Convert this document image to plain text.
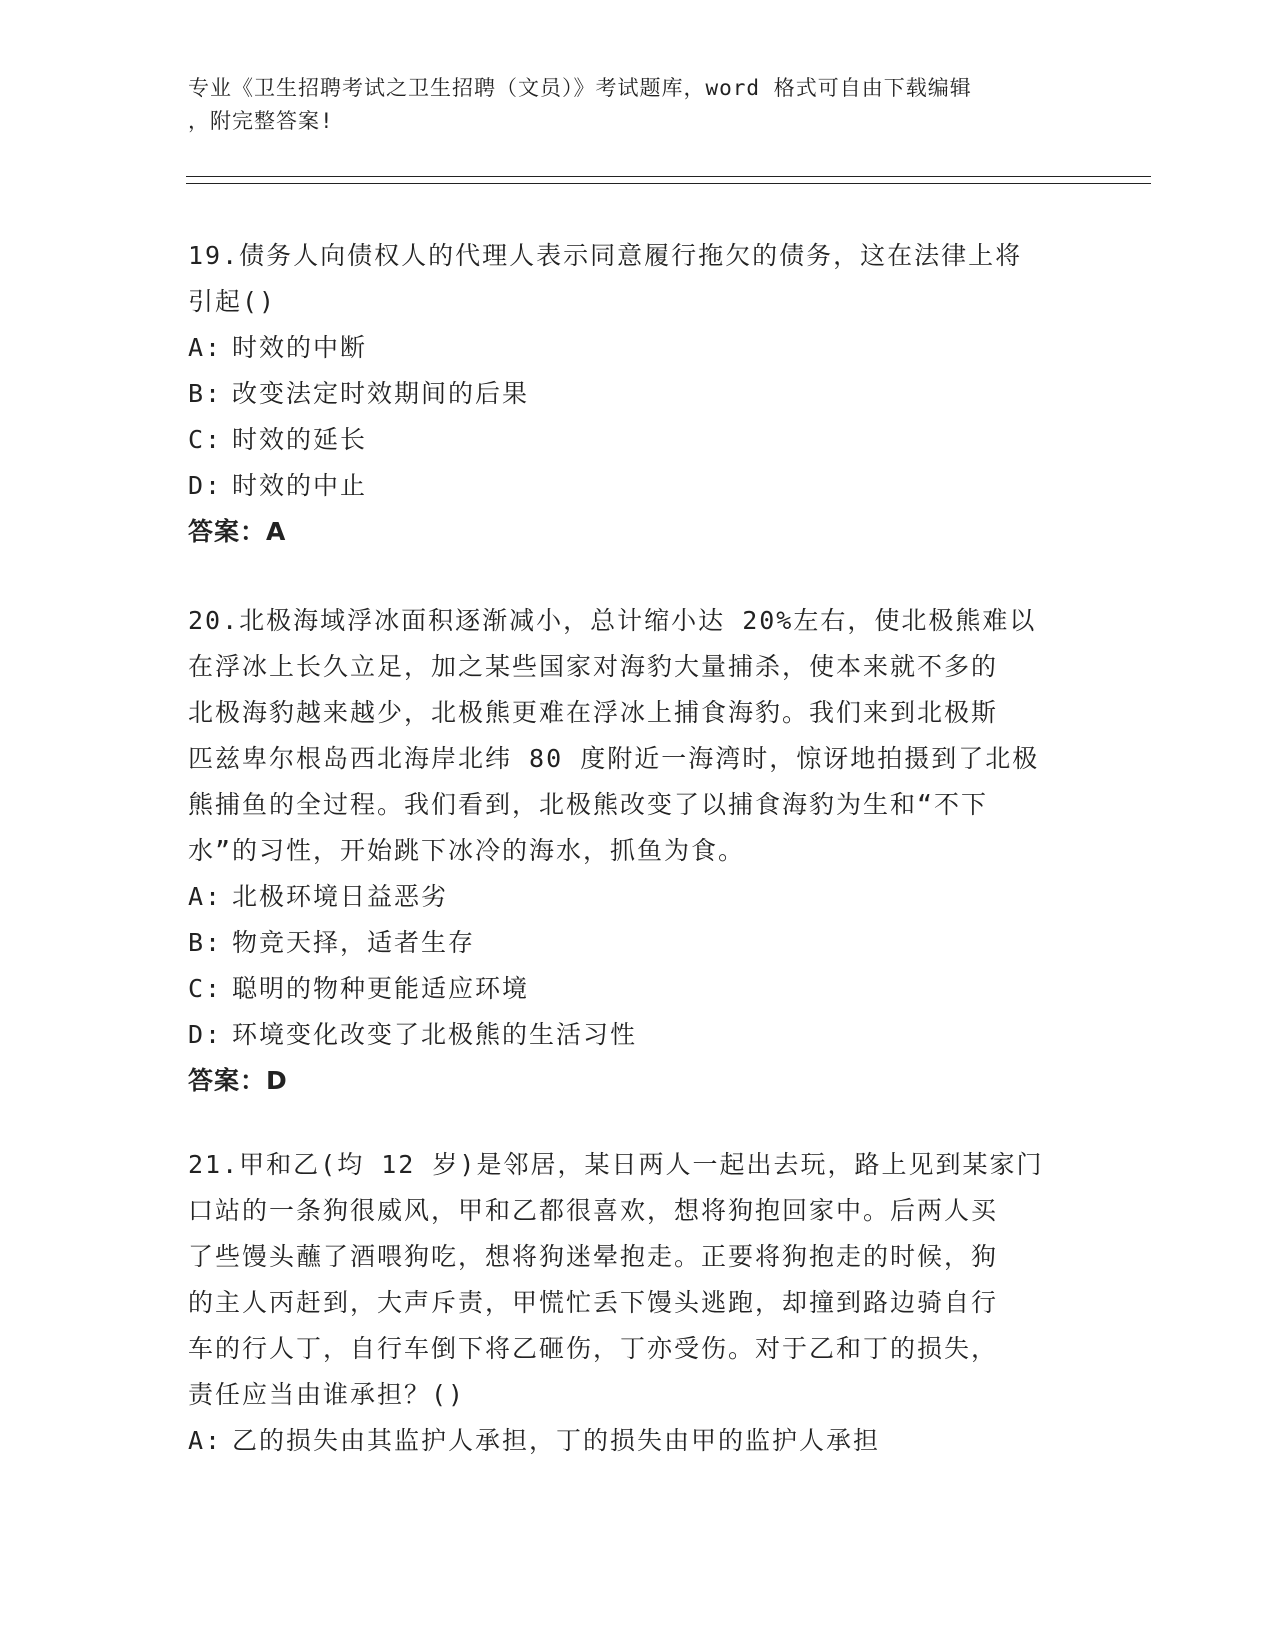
专业《卫生招聘考试之卫生招聘（文员）》考试题库，word 格式可自由下载编辑
，附完整答案!

19.债务人向债权人的代理人表示同意履行拖欠的债务，这在法律上将

引起()

A: 时效的中断

B: 改变法定时效期间的后果

C: 时效的延长

D: 时效的中止

答案：A

20.北极海域浮冰面积逐渐减小，总计缩小达 20%左右，使北极熊难以

在浮冰上长久立足，加之某些国家对海豹大量捕杀，使本来就不多的

北极海豹越来越少，北极熊更难在浮冰上捕食海豹。我们来到北极斯

匹兹卑尔根岛西北海岸北纬 80 度附近一海湾时，惊讶地拍摄到了北极

熊捕鱼的全过程。我们看到，北极熊改变了以捕食海豹为生和“不下

水”的习性，开始跳下冰冷的海水，抓鱼为食。

A: 北极环境日益恶劣

B: 物竞天择，适者生存

C: 聪明的物种更能适应环境

D: 环境变化改变了北极熊的生活习性

答案：D

21.甲和乙(均 12 岁)是邻居，某日两人一起出去玩，路上见到某家门

口站的一条狗很威风，甲和乙都很喜欢，想将狗抱回家中。后两人买

了些馒头蘸了酒喂狗吃，想将狗迷晕抱走。正要将狗抱走的时候，狗

的主人丙赶到，大声斥责，甲慌忙丢下馒头逃跑，却撞到路边骑自行

车的行人丁，自行车倒下将乙砸伤，丁亦受伤。对于乙和丁的损失，

责任应当由谁承担？()

A: 乙的损失由其监护人承担，丁的损失由甲的监护人承担
